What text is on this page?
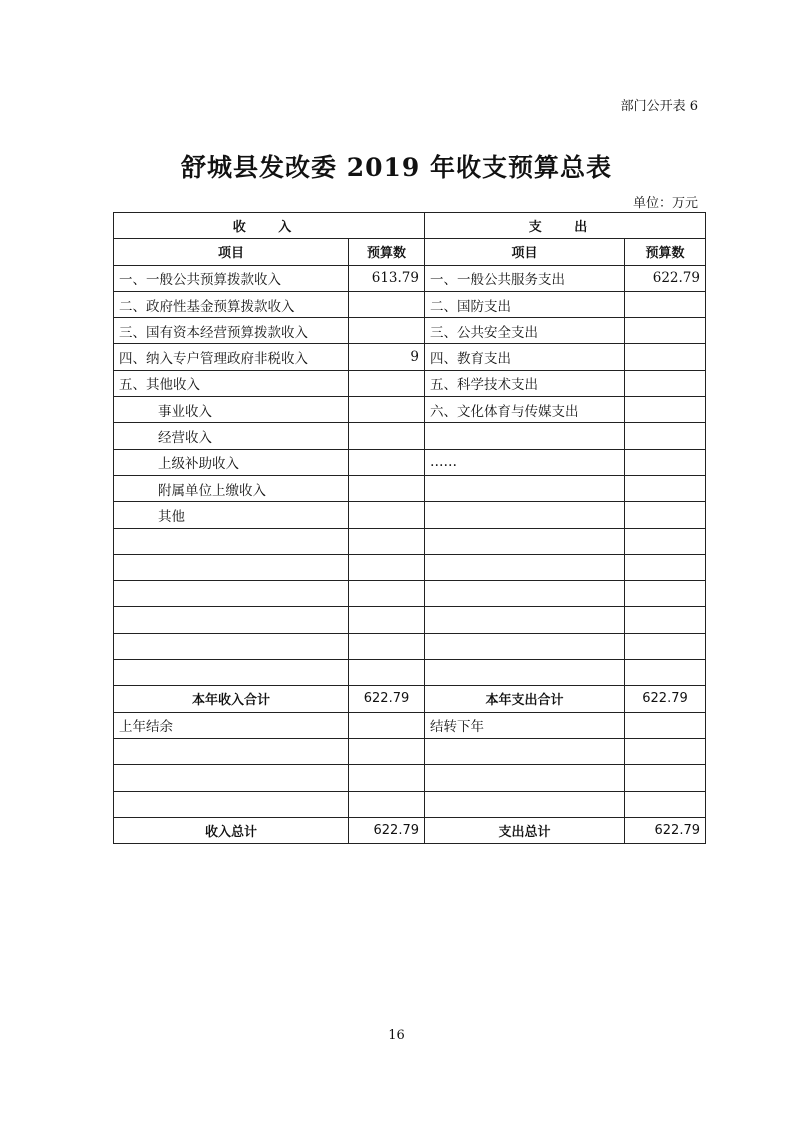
部门公开表 6
舒城县发改委 2019 年收支预算总表
单位：万元
收 入		支 出	
项目	预算数	项目	预算数
一、一般公共预算拨款收入	613.79	一、一般公共服务支出	622.79
二、政府性基金预算拨款收入		二、国防支出	
三、国有资本经营预算拨款收入		三、公共安全支出	
四、纳入专户管理政府非税收入	9	四、教育支出	
五、其他收入		五、科学技术支出	
事业收入		六、文化体育与传媒支出	
经营收入			
上级补助收入		……	
附属单位上缴收入			
其他			

本年收入合计	622.79	本年支出合计	622.79
上年结余		结转下年	

收入总计	622.79	支出总计	622.79
16
